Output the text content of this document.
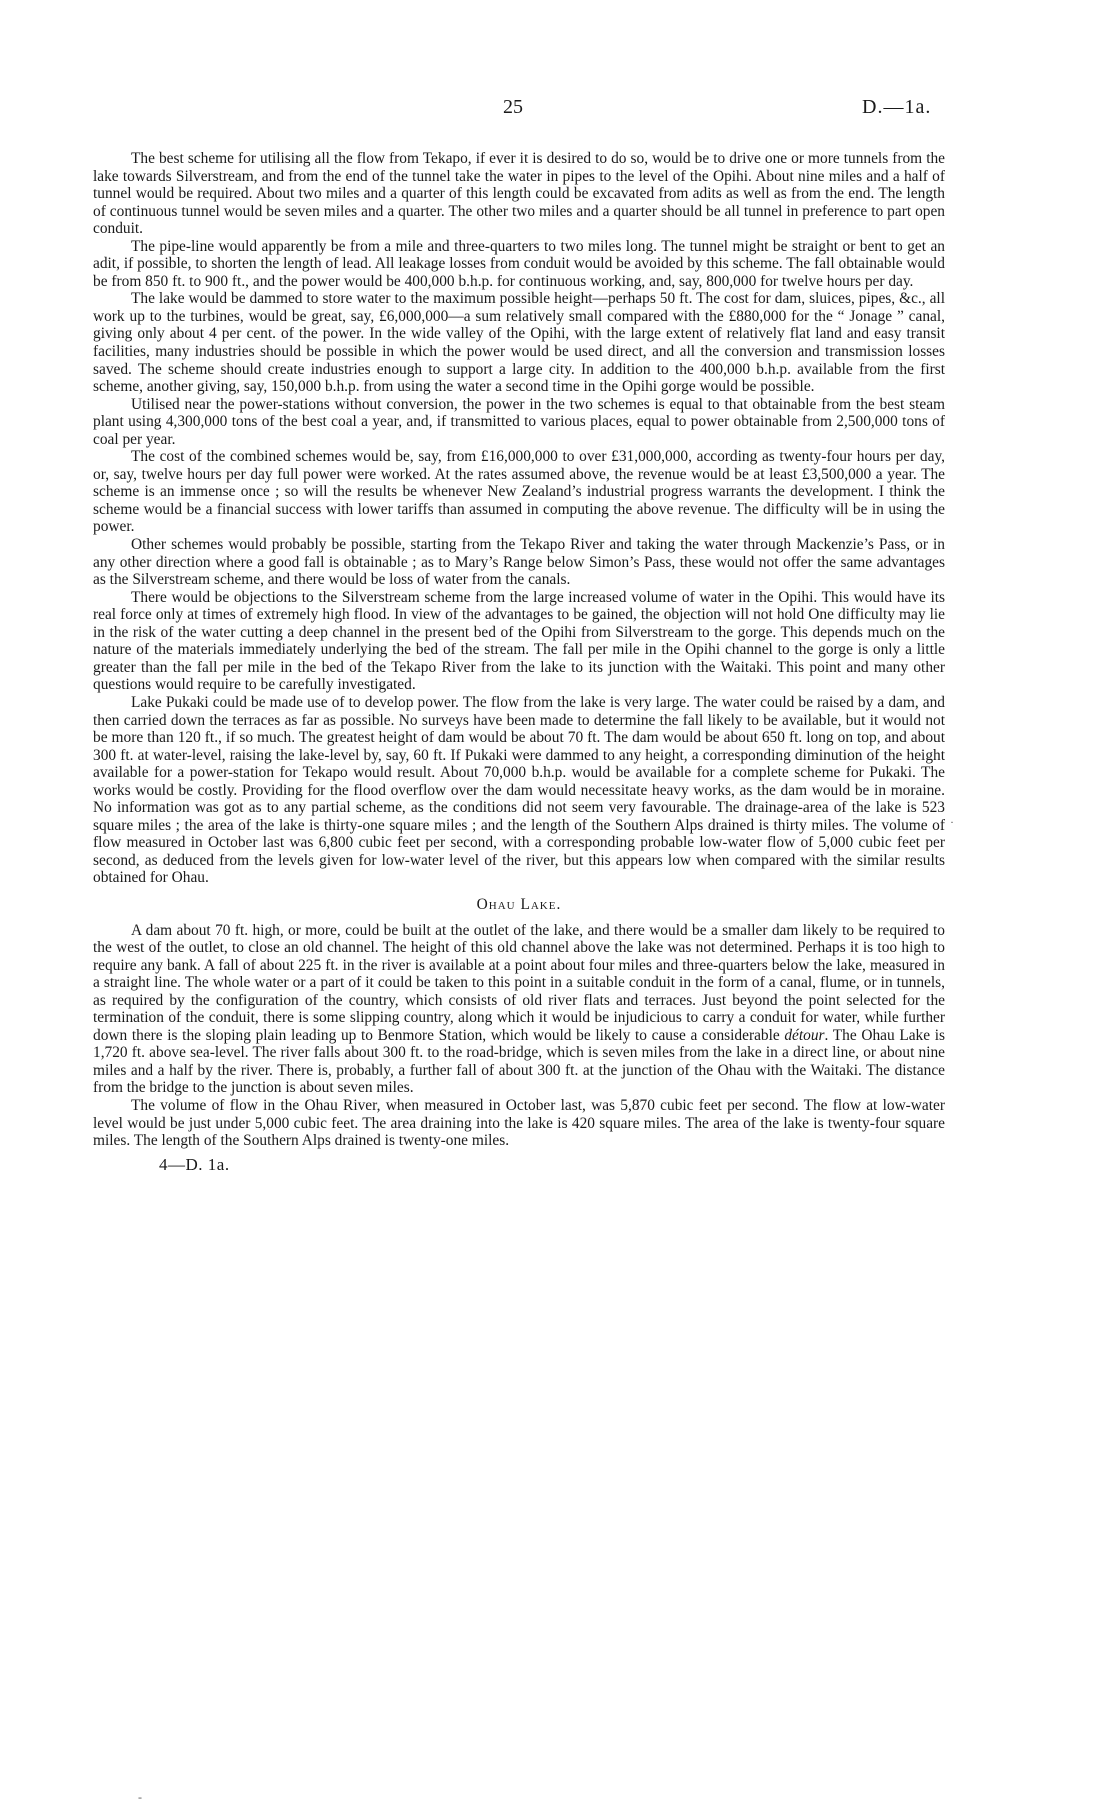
25	D.—1a.

The best scheme for utilising all the flow from Tekapo, if ever it is desired to do so, would be to drive one or more tunnels from the lake towards Silverstream, and from the end of the tunnel take the water in pipes to the level of the Opihi. About nine miles and a half of tunnel would be required. About two miles and a quarter of this length could be excavated from adits as well as from the end. The length of continuous tunnel would be seven miles and a quarter. The other two miles and a quarter should be all tunnel in preference to part open conduit.

The pipe-line would apparently be from a mile and three-quarters to two miles long. The tunnel might be straight or bent to get an adit, if possible, to shorten the length of lead. All leakage losses from conduit would be avoided by this scheme. The fall obtainable would be from 850 ft. to 900 ft., and the power would be 400,000 b.h.p. for continuous working, and, say, 800,000 for twelve hours per day.

The lake would be dammed to store water to the maximum possible height—perhaps 50 ft. The cost for dam, sluices, pipes, &c., all work up to the turbines, would be great, say, £6,000,000—a sum relatively small compared with the £880,000 for the “ Jonage ” canal, giving only about 4 per cent. of the power. In the wide valley of the Opihi, with the large extent of relatively flat land and easy transit facilities, many industries should be possible in which the power would be used direct, and all the conversion and transmission losses saved. The scheme should create industries enough to support a large city. In addition to the 400,000 b.h.p. available from the first scheme, another giving, say, 150,000 b.h.p. from using the water a second time in the Opihi gorge would be possible.

Utilised near the power-stations without conversion, the power in the two schemes is equal to that obtainable from the best steam plant using 4,300,000 tons of the best coal a year, and, if transmitted to various places, equal to power obtainable from 2,500,000 tons of coal per year.

The cost of the combined schemes would be, say, from £16,000,000 to over £31,000,000, according as twenty-four hours per day, or, say, twelve hours per day full power were worked. At the rates assumed above, the revenue would be at least £3,500,000 a year. The scheme is an immense once ; so will the results be whenever New Zealand’s industrial progress warrants the development. I think the scheme would be a financial success with lower tariffs than assumed in computing the above revenue. The difficulty will be in using the power.

Other schemes would probably be possible, starting from the Tekapo River and taking the water through Mackenzie’s Pass, or in any other direction where a good fall is obtainable ; as to Mary’s Range below Simon’s Pass, these would not offer the same advantages as the Silverstream scheme, and there would be loss of water from the canals.

There would be objections to the Silverstream scheme from the large increased volume of water in the Opihi. This would have its real force only at times of extremely high flood. In view of the advantages to be gained, the objection will not hold One difficulty may lie in the risk of the water cutting a deep channel in the present bed of the Opihi from Silverstream to the gorge. This depends much on the nature of the materials immediately underlying the bed of the stream. The fall per mile in the Opihi channel to the gorge is only a little greater than the fall per mile in the bed of the Tekapo River from the lake to its junction with the Waitaki. This point and many other questions would require to be carefully investigated.

Lake Pukaki could be made use of to develop power. The flow from the lake is very large. The water could be raised by a dam, and then carried down the terraces as far as possible. No surveys have been made to determine the fall likely to be available, but it would not be more than 120 ft., if so much. The greatest height of dam would be about 70 ft. The dam would be about 650 ft. long on top, and about 300 ft. at water-level, raising the lake-level by, say, 60 ft. If Pukaki were dammed to any height, a corresponding diminution of the height available for a power-station for Tekapo would result. About 70,000 b.h.p. would be available for a complete scheme for Pukaki. The works would be costly. Providing for the flood overflow over the dam would necessitate heavy works, as the dam would be in moraine. No information was got as to any partial scheme, as the conditions did not seem very favourable. The drainage-area of the lake is 523 square miles ; the area of the lake is thirty-one square miles ; and the length of the Southern Alps drained is thirty miles. The volume of flow measured in October last was 6,800 cubic feet per second, with a corresponding probable low-water flow of 5,000 cubic feet per second, as deduced from the levels given for low-water level of the river, but this appears low when compared with the similar results obtained for Ohau.

Ohau Lake.

A dam about 70 ft. high, or more, could be built at the outlet of the lake, and there would be a smaller dam likely to be required to the west of the outlet, to close an old channel. The height of this old channel above the lake was not determined. Perhaps it is too high to require any bank. A fall of about 225 ft. in the river is available at a point about four miles and three-quarters below the lake, measured in a straight line. The whole water or a part of it could be taken to this point in a suitable conduit in the form of a canal, flume, or in tunnels, as required by the configuration of the country, which consists of old river flats and terraces. Just beyond the point selected for the termination of the conduit, there is some slipping country, along which it would be injudicious to carry a conduit for water, while further down there is the sloping plain leading up to Benmore Station, which would be likely to cause a considerable détour. The Ohau Lake is 1,720 ft. above sea-level. The river falls about 300 ft. to the road-bridge, which is seven miles from the lake in a direct line, or about nine miles and a half by the river. There is, probably, a further fall of about 300 ft. at the junction of the Ohau with the Waitaki. The distance from the bridge to the junction is about seven miles.

The volume of flow in the Ohau River, when measured in October last, was 5,870 cubic feet per second. The flow at low-water level would be just under 5,000 cubic feet. The area draining into the lake is 420 square miles. The area of the lake is twenty-four square miles. The length of the Southern Alps drained is twenty-one miles.

4—D. 1a.
·
-
